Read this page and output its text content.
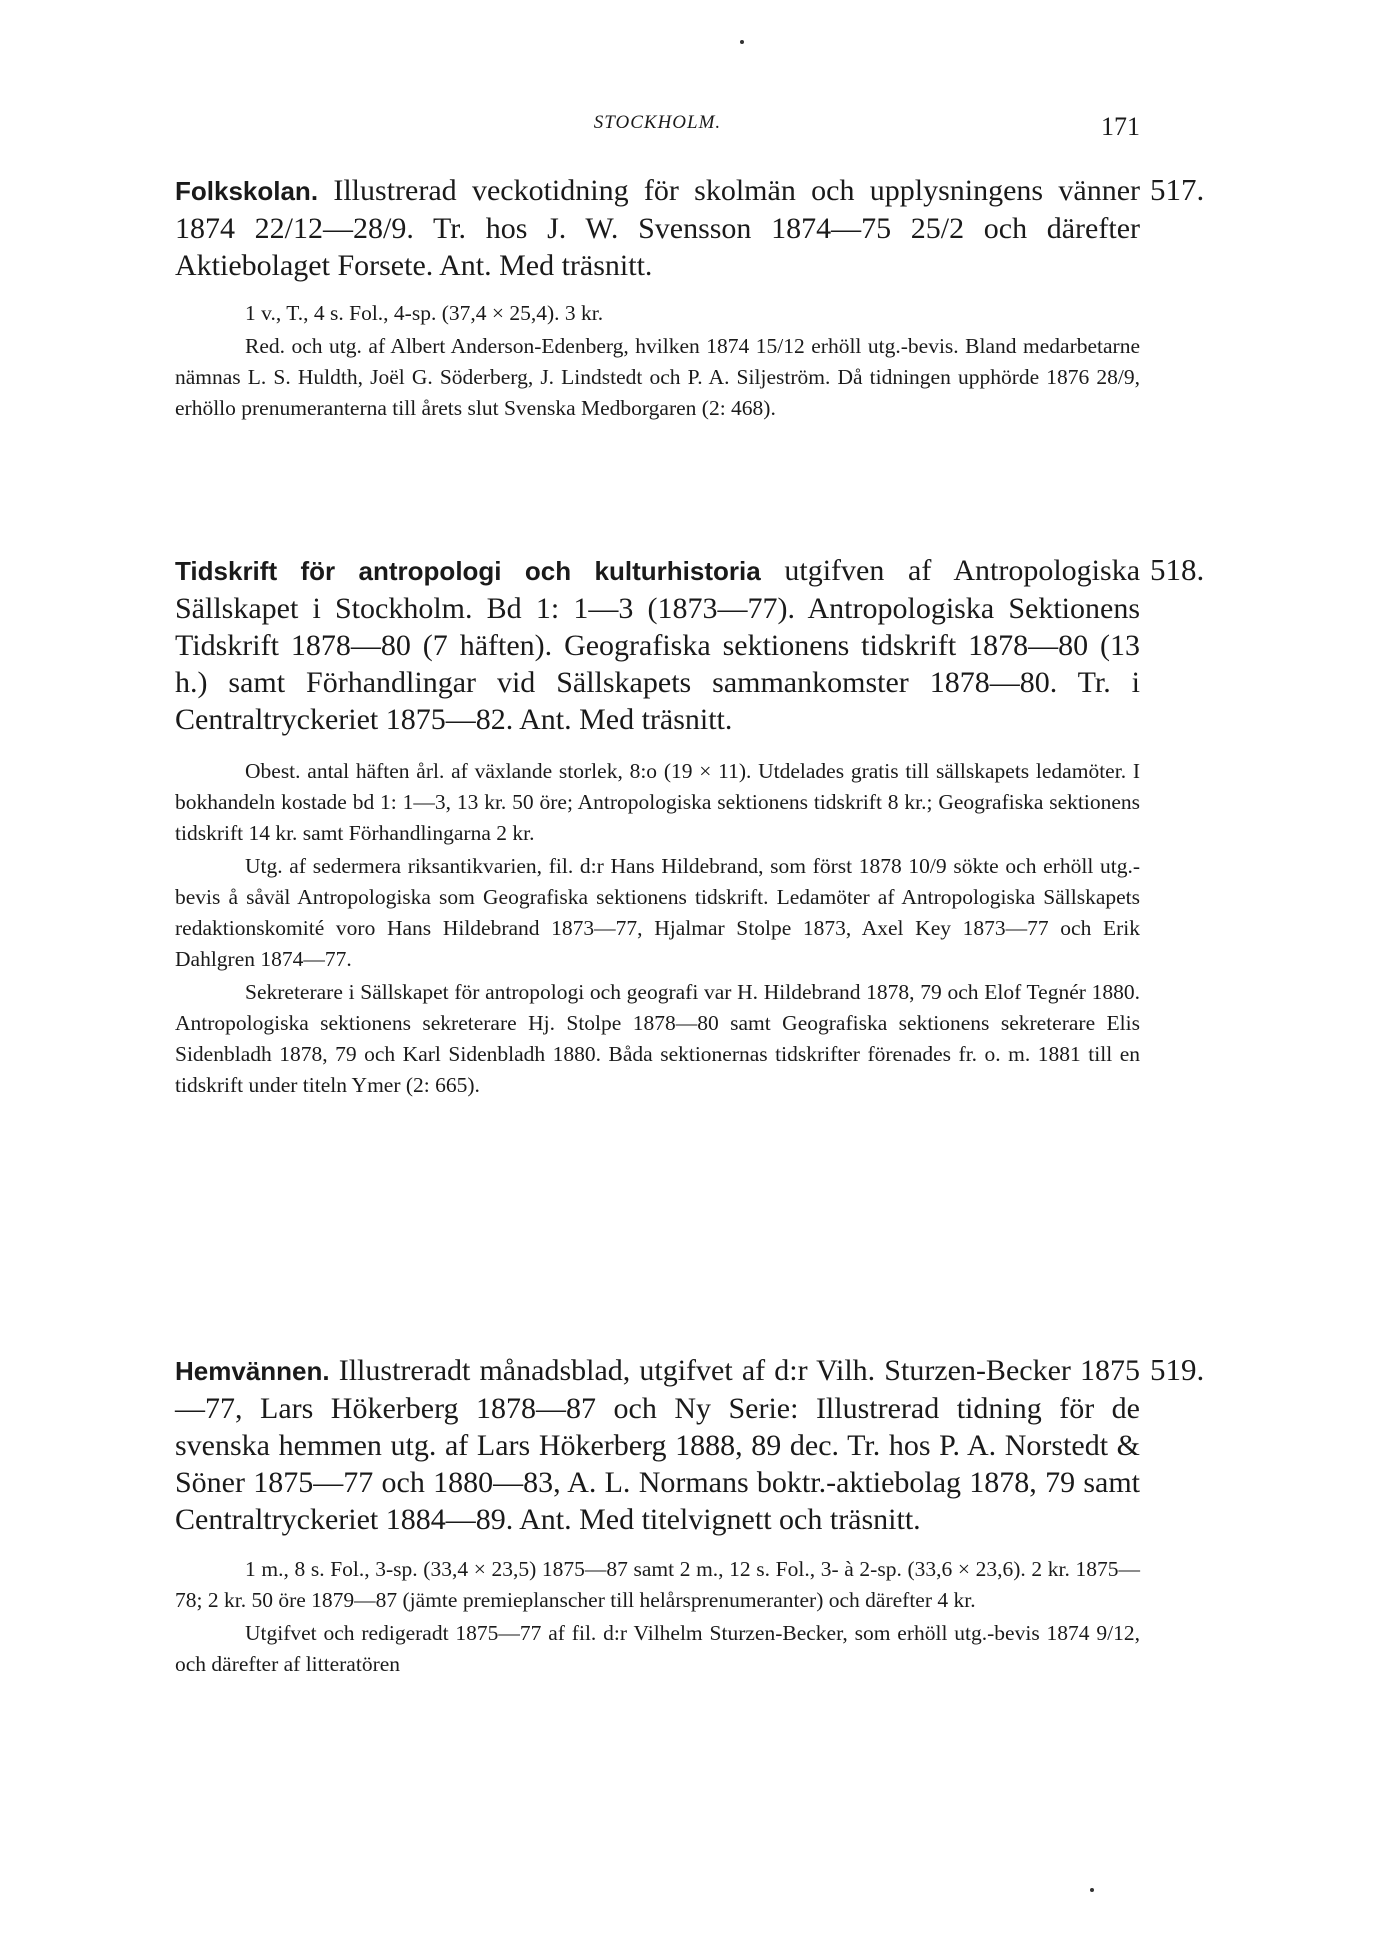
STOCKHOLM.	171
517.

Folkskolan. Illustrerad veckotidning för skolmän och upplysningens vänner 1874 22/12—28/9. Tr. hos J. W. Svensson 1874—75 25/2 och därefter Aktiebolaget Forsete. Ant. Med träsnitt.

1 v., T., 4 s. Fol., 4-sp. (37,4 × 25,4). 3 kr.

Red. och utg. af Albert Anderson-Edenberg, hvilken 1874 15/12 erhöll utg.-bevis. Bland medarbetarne nämnas L. S. Huldth, Joël G. Söderberg, J. Lindstedt och P. A. Siljeström. Då tidningen upphörde 1876 28/9, erhöllo prenumeranterna till årets slut Svenska Medborgaren (2: 468).

518.

Tidskrift för antropologi och kulturhistoria utgifven af Antropologiska Sällskapet i Stockholm. Bd 1: 1—3 (1873—77). Antropologiska Sektionens Tidskrift 1878—80 (7 häften). Geografiska sektionens tidskrift 1878—80 (13 h.) samt Förhandlingar vid Sällskapets sammankomster 1878—80. Tr. i Centraltryckeriet 1875—82. Ant. Med träsnitt.

Obest. antal häften årl. af växlande storlek, 8:o (19 × 11). Utdelades gratis till sällskapets ledamöter. I bokhandeln kostade bd 1: 1—3, 13 kr. 50 öre; Antropologiska sektionens tidskrift 8 kr.; Geografiska sektionens tidskrift 14 kr. samt Förhandlingarna 2 kr.

Utg. af sedermera riksantikvarien, fil. d:r Hans Hildebrand, som först 1878 10/9 sökte och erhöll utg.-bevis å såväl Antropologiska som Geografiska sektionens tidskrift. Ledamöter af Antropologiska Sällskapets redaktionskomité voro Hans Hildebrand 1873—77, Hjalmar Stolpe 1873, Axel Key 1873—77 och Erik Dahlgren 1874—77.

Sekreterare i Sällskapet för antropologi och geografi var H. Hildebrand 1878, 79 och Elof Tegnér 1880. Antropologiska sektionens sekreterare Hj. Stolpe 1878—80 samt Geografiska sektionens sekreterare Elis Sidenbladh 1878, 79 och Karl Sidenbladh 1880. Båda sektionernas tidskrifter förenades fr. o. m. 1881 till en tidskrift under titeln Ymer (2: 665).

519.

Hemvännen. Illustreradt månadsblad, utgifvet af d:r Vilh. Sturzen-Becker 1875—77, Lars Hökerberg 1878—87 och Ny Serie: Illustrerad tidning för de svenska hemmen utg. af Lars Hökerberg 1888, 89 dec. Tr. hos P. A. Norstedt & Söner 1875—77 och 1880—83, A. L. Normans boktr.-aktiebolag 1878, 79 samt Centraltryckeriet 1884—89. Ant. Med titelvignett och träsnitt.

1 m., 8 s. Fol., 3-sp. (33,4 × 23,5) 1875—87 samt 2 m., 12 s. Fol., 3- à 2-sp. (33,6 × 23,6). 2 kr. 1875—78; 2 kr. 50 öre 1879—87 (jämte premieplanscher till helårsprenumeranter) och därefter 4 kr.

Utgifvet och redigeradt 1875—77 af fil. d:r Vilhelm Sturzen-Becker, som erhöll utg.-bevis 1874 9/12, och därefter af litteratören
